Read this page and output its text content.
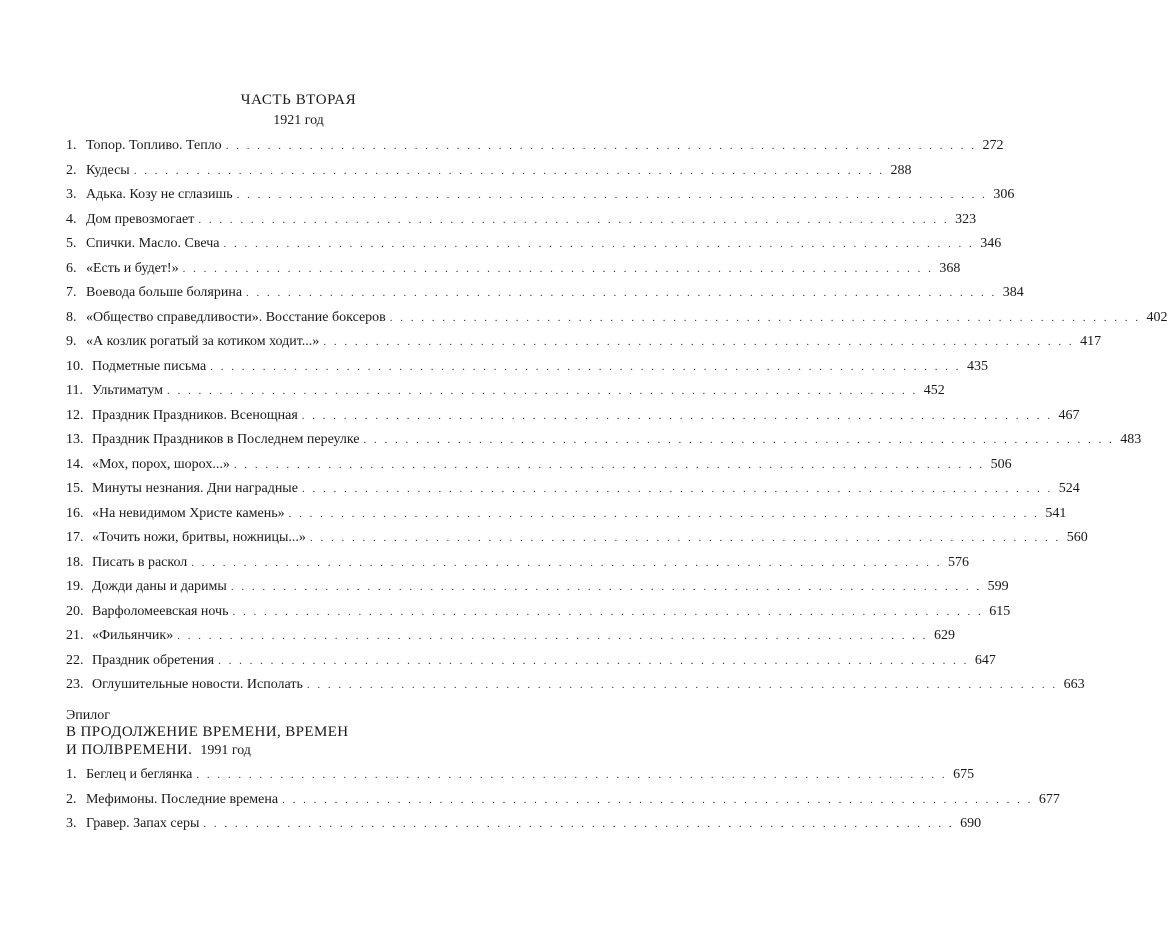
ЧАСТЬ ВТОРАЯ
1921 год
1. Топор. Топливо. Тепло . . . . . . . . . . . . . . . . . . . . . . . . . . . . . . . . . . . . . . . . . . . . . . . . . . . . . . . . . . . . . . . . . . . . . . . . 272
2. Кудесы . . . . . . . . . . . . . . . . . . . . . . . . . . . . . . . . . . . . . . . . . . . . . . . . . . . . . . . . . . . . . . . . . . . . . . . . 288
3. Адька. Козу не сглазишь . . . . . . . . . . . . . . . . . . . . . . . . . . . . . . . . . . . . . . . . . . . . . . . . . . . . . . . . . . . . . . . . . . . . . . . . 306
4. Дом превозмогает . . . . . . . . . . . . . . . . . . . . . . . . . . . . . . . . . . . . . . . . . . . . . . . . . . . . . . . . . . . . . . . . . . . . . . . . 323
5. Спички. Масло. Свеча . . . . . . . . . . . . . . . . . . . . . . . . . . . . . . . . . . . . . . . . . . . . . . . . . . . . . . . . . . . . . . . . . . . . . . . . 346
6. «Есть и будет!» . . . . . . . . . . . . . . . . . . . . . . . . . . . . . . . . . . . . . . . . . . . . . . . . . . . . . . . . . . . . . . . . . . . . . . . . 368
7. Воевода больше болярина . . . . . . . . . . . . . . . . . . . . . . . . . . . . . . . . . . . . . . . . . . . . . . . . . . . . . . . . . . . . . . . . . . . . . . . . 384
8. «Общество справедливости». Восстание боксеров . . . . . . . . . . . . . . . . . . . . . . . . . . . . . . . . . . . . . . . . . . . . . . . . . . . . . . . . . . . . . . . . . . . . . . . . 402
9. «А козлик рогатый за котиком ходит...» . . . . . . . . . . . . . . . . . . . . . . . . . . . . . . . . . . . . . . . . . . . . . . . . . . . . . . . . . . . . . . . . . . . . . . . . 417
10. Подметные письма . . . . . . . . . . . . . . . . . . . . . . . . . . . . . . . . . . . . . . . . . . . . . . . . . . . . . . . . . . . . . . . . . . . . . . . . 435
11. Ультиматум . . . . . . . . . . . . . . . . . . . . . . . . . . . . . . . . . . . . . . . . . . . . . . . . . . . . . . . . . . . . . . . . . . . . . . . . 452
12. Праздник Праздников. Всенощная . . . . . . . . . . . . . . . . . . . . . . . . . . . . . . . . . . . . . . . . . . . . . . . . . . . . . . . . . . . . . . . . . . . . . . . . 467
13. Праздник Праздников в Последнем переулке . . . . . . . . . . . . . . . . . . . . . . . . . . . . . . . . . . . . . . . . . . . . . . . . . . . . . . . . . . . . . . . . . . . . . . . . 483
14. «Мох, порох, шорох...» . . . . . . . . . . . . . . . . . . . . . . . . . . . . . . . . . . . . . . . . . . . . . . . . . . . . . . . . . . . . . . . . . . . . . . . . 506
15. Минуты незнания. Дни наградные . . . . . . . . . . . . . . . . . . . . . . . . . . . . . . . . . . . . . . . . . . . . . . . . . . . . . . . . . . . . . . . . . . . . . . . . 524
16. «На невидимом Христе камень» . . . . . . . . . . . . . . . . . . . . . . . . . . . . . . . . . . . . . . . . . . . . . . . . . . . . . . . . . . . . . . . . . . . . . . . . 541
17. «Точить ножи, бритвы, ножницы...» . . . . . . . . . . . . . . . . . . . . . . . . . . . . . . . . . . . . . . . . . . . . . . . . . . . . . . . . . . . . . . . . . . . . . . . . 560
18. Писать в раскол . . . . . . . . . . . . . . . . . . . . . . . . . . . . . . . . . . . . . . . . . . . . . . . . . . . . . . . . . . . . . . . . . . . . . . . . 576
19. Дожди даны и даримы . . . . . . . . . . . . . . . . . . . . . . . . . . . . . . . . . . . . . . . . . . . . . . . . . . . . . . . . . . . . . . . . . . . . . . . . 599
20. Варфоломеевская ночь . . . . . . . . . . . . . . . . . . . . . . . . . . . . . . . . . . . . . . . . . . . . . . . . . . . . . . . . . . . . . . . . . . . . . . . . 615
21. «Фильянчик» . . . . . . . . . . . . . . . . . . . . . . . . . . . . . . . . . . . . . . . . . . . . . . . . . . . . . . . . . . . . . . . . . . . . . . . . 629
22. Праздник обретения . . . . . . . . . . . . . . . . . . . . . . . . . . . . . . . . . . . . . . . . . . . . . . . . . . . . . . . . . . . . . . . . . . . . . . . . 647
23. Оглушительные новости. Исполать . . . . . . . . . . . . . . . . . . . . . . . . . . . . . . . . . . . . . . . . . . . . . . . . . . . . . . . . . . . . . . . . . . . . . . . . 663
Эпилог
В ПРОДОЛЖЕНИЕ ВРЕМЕНИ, ВРЕМЕН
И ПОЛВРЕМЕНИ. 1991 год
1. Беглец и беглянка . . . . . . . . . . . . . . . . . . . . . . . . . . . . . . . . . . . . . . . . . . . . . . . . . . . . . . . . . . . . . . . . . . . . . . . . 675
2. Мефимоны. Последние времена . . . . . . . . . . . . . . . . . . . . . . . . . . . . . . . . . . . . . . . . . . . . . . . . . . . . . . . . . . . . . . . . . . . . . . . . 677
3. Гравер. Запах серы . . . . . . . . . . . . . . . . . . . . . . . . . . . . . . . . . . . . . . . . . . . . . . . . . . . . . . . . . . . . . . . . . . . . . . . . 690
